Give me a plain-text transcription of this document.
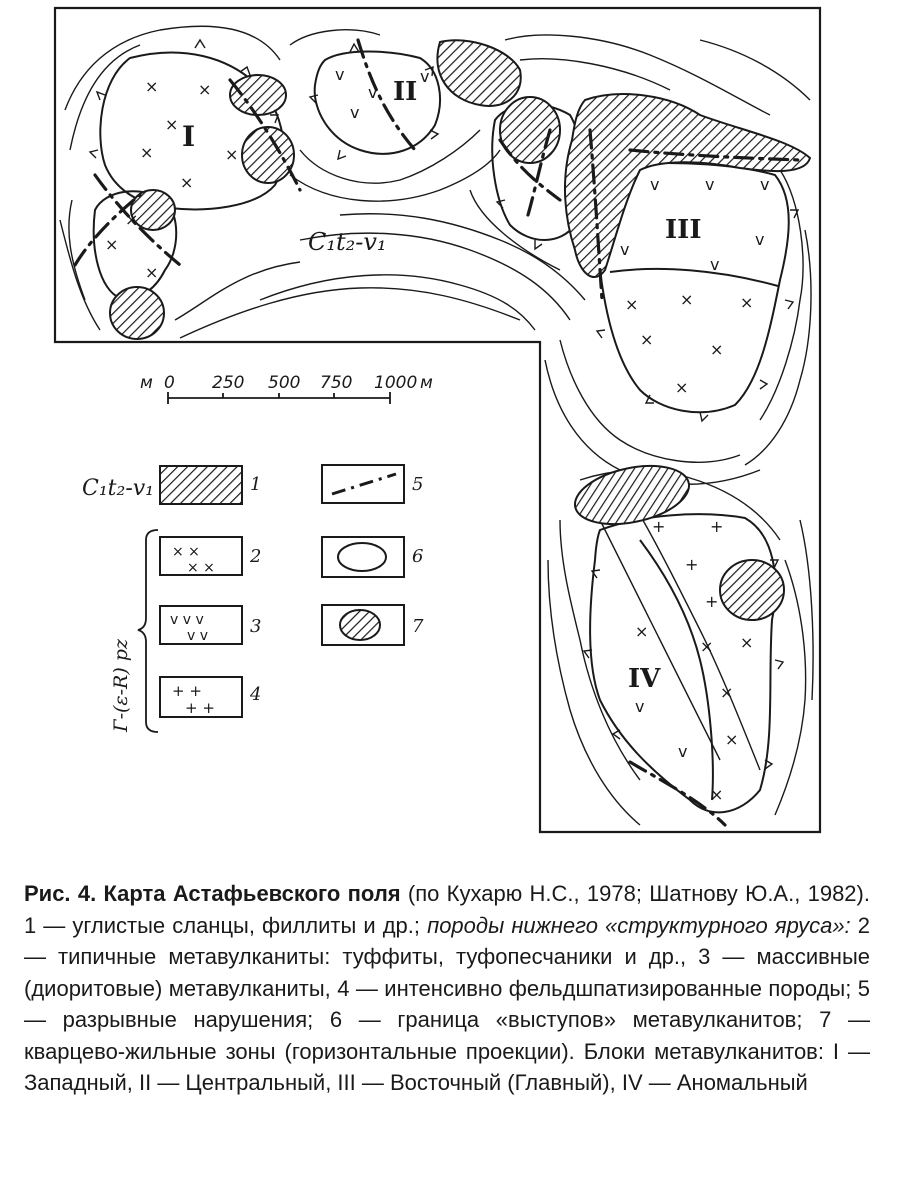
× ×
×
×	×
×
×
×
×
v
v
v
v
v	v	v
v
v
v
×	×	×
×
×
×
+	+
+
+
×
× ×
v
×
×
v
×
I
II
III
IV
C₁t₂-v₁
м 0 250 500 750 1000 м
C₁t₂-v₁	1
Г-(ε-R) pz
× ×
× ×
2
v v v
v v 3
+ +
+ +
4
5
6
7
Рис. 4. Карта Астафьевского поля (по Кухарю Н.С., 1978; Шатнову Ю.А., 1982). 1 — углистые сланцы, филлиты и др.; породы нижнего «структурного яруса»: 2 — типичные метавулканиты: туффиты, туфопесчаники и др., 3 — массивные (диоритовые) метавулканиты, 4 — интенсивно фельдшпатизированные породы; 5 — разрывные нарушения; 6 — граница «выступов» метавулканитов; 7 — кварцево-жильные зоны (горизонтальные проекции). Блоки метавулканитов: I — Западный, II — Центральный, III — Восточный (Главный), IV — Аномальный
